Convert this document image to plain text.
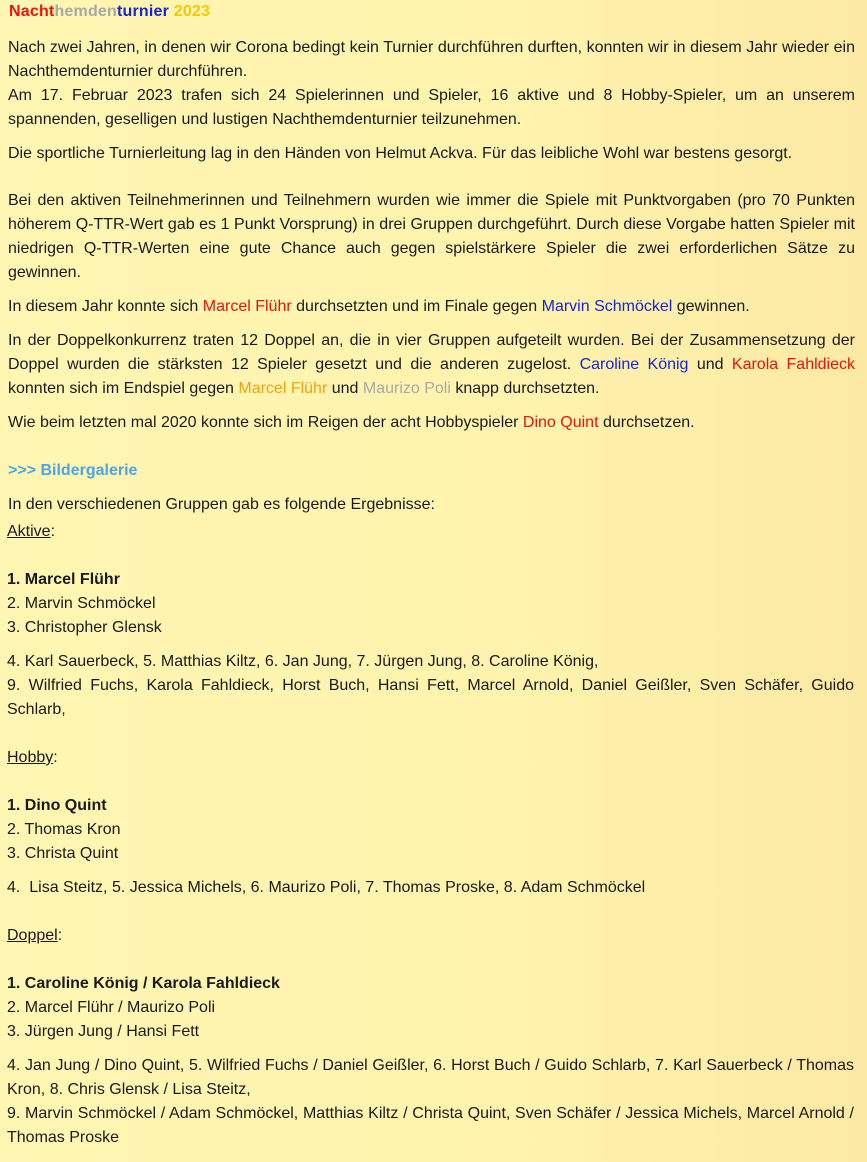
Nachthemdenturnier 2023

Nach zwei Jahren, in denen wir Corona bedingt kein Turnier durchführen durften, konnten wir in diesem Jahr wieder ein Nachthemdenturnier durchführen.
Am 17. Februar 2023 trafen sich 24 Spielerinnen und Spieler, 16 aktive und 8 Hobby-Spieler, um an unserem spannenden, geselligen und lustigen Nachthemdenturnier teilzunehmen.

Die sportliche Turnierleitung lag in den Händen von Helmut Ackva. Für das leibliche Wohl war bestens gesorgt.

Bei den aktiven Teilnehmerinnen und Teilnehmern wurden wie immer die Spiele mit Punktvorgaben (pro 70 Punkten höherem Q-TTR-Wert gab es 1 Punkt Vorsprung) in drei Gruppen durchgeführt. Durch diese Vorgabe hatten Spieler mit niedrigen Q-TTR-Werten eine gute Chance auch gegen spielstärkere Spieler die zwei erforderlichen Sätze zu gewinnen.

In diesem Jahr konnte sich Marcel Flühr durchsetzten und im Finale gegen Marvin Schmöckel gewinnen.

In der Doppelkonkurrenz traten 12 Doppel an, die in vier Gruppen aufgeteilt wurden. Bei der Zusammensetzung der Doppel wurden die stärksten 12 Spieler gesetzt und die anderen zugelost. Caroline König und Karola Fahldieck konnten sich im Endspiel gegen Marcel Flühr und Maurizo Poli knapp durchsetzten.

Wie beim letzten mal 2020 konnte sich im Reigen der acht Hobbyspieler Dino Quint durchsetzen.

>>> Bildergalerie

In den verschiedenen Gruppen gab es folgende Ergebnisse:

Aktive:

1. Marcel Flühr

2. Marvin Schmöckel

3. Christopher Glensk

4. Karl Sauerbeck, 5. Matthias Kiltz, 6. Jan Jung, 7. Jürgen Jung, 8. Caroline König,
9. Wilfried Fuchs, Karola Fahldieck, Horst Buch, Hansi Fett, Marcel Arnold, Daniel Geißler, Sven Schäfer, Guido Schlarb,

Hobby:

1. Dino Quint

2. Thomas Kron

3. Christa Quint

4.  Lisa Steitz, 5. Jessica Michels, 6. Maurizo Poli, 7. Thomas Proske, 8. Adam Schmöckel

Doppel:

1. Caroline König / Karola Fahldieck

2. Marcel Flühr / Maurizo Poli

3. Jürgen Jung / Hansi Fett

4. Jan Jung / Dino Quint, 5. Wilfried Fuchs / Daniel Geißler, 6. Horst Buch / Guido Schlarb, 7. Karl Sauerbeck / Thomas Kron, 8. Chris Glensk / Lisa Steitz,
9. Marvin Schmöckel / Adam Schmöckel, Matthias Kiltz / Christa Quint, Sven Schäfer / Jessica Michels, Marcel Arnold / Thomas Proske
